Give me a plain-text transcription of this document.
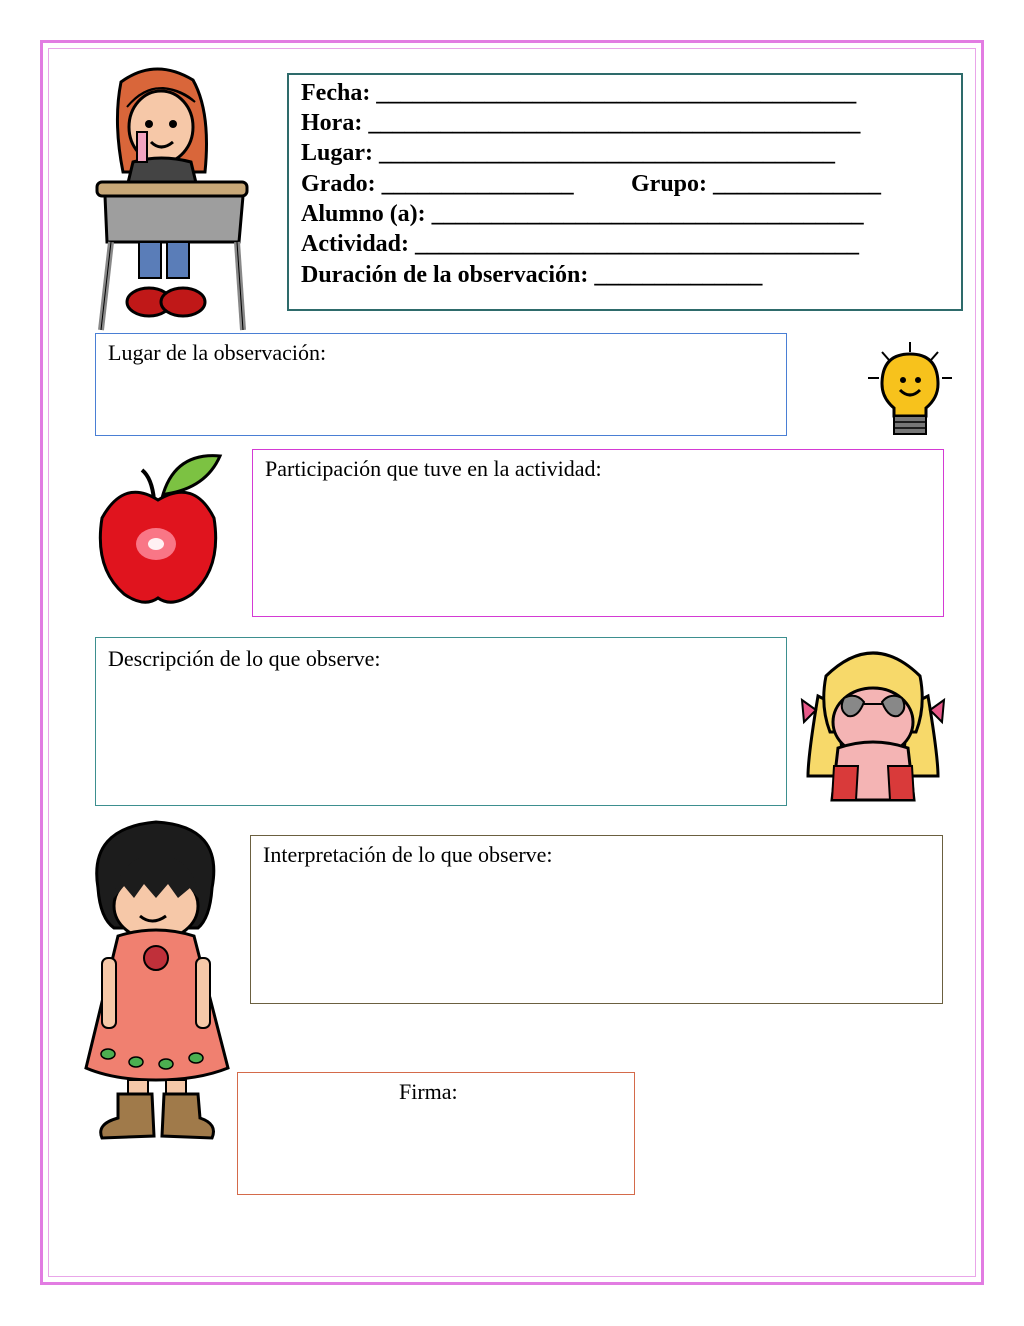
Fecha: ________________________________________
Hora: _________________________________________
Lugar: ______________________________________
Grado: ________________ Grupo: ______________
Alumno (a): ____________________________________
Actividad: _____________________________________
Duración de la observación: ______________
Lugar de la observación:
Participación que tuve en la actividad:
Descripción de lo que observe:
Interpretación de lo que observe:
Firma:
